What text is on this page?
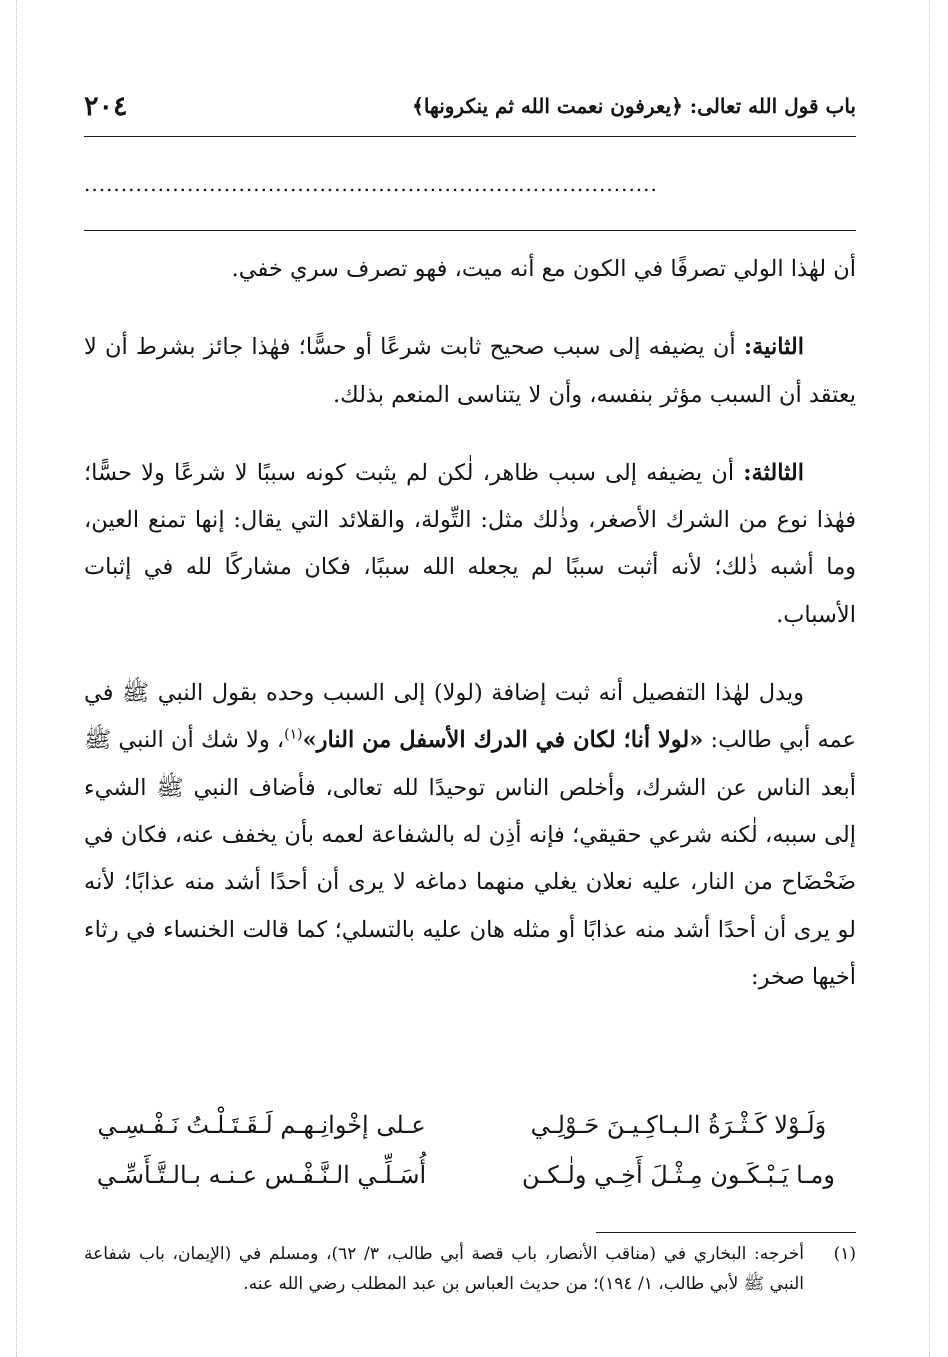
باب قول الله تعالى: ﴿يعرفون نعمت الله ثم ينكرونها﴾
٢٠٤
..............................................................................

أن لهٰذا الولي تصرفًا في الكون مع أنه ميت، فهو تصرف سري خفي.

الثانية: أن يضيفه إلى سبب صحيح ثابت شرعًا أو حسًّا؛ فهٰذا جائز بشرط أن لا يعتقد أن السبب مؤثر بنفسه، وأن لا يتناسى المنعم بذلك.

الثالثة: أن يضيفه إلى سبب ظاهر، لٰكن لم يثبت كونه سببًا لا شرعًا ولا حسًّا؛ فهٰذا نوع من الشرك الأصغر، وذٰلك مثل: التِّولة، والقلائد التي يقال: إنها تمنع العين، وما أشبه ذٰلك؛ لأنه أثبت سببًا لم يجعله الله سببًا، فكان مشاركًا لله في إثبات الأسباب.

ويدل لهٰذا التفصيل أنه ثبت إضافة (لولا) إلى السبب وحده بقول النبي ﷺ في عمه أبي طالب: «لولا أنا؛ لكان في الدرك الأسفل من النار»$^{(١)}$، ولا شك أن النبي ﷺ أبعد الناس عن الشرك، وأخلص الناس توحيدًا لله تعالى، فأضاف النبي ﷺ الشيء إلى سببه، لٰكنه شرعي حقيقي؛ فإنه أذِن له بالشفاعة لعمه بأن يخفف عنه، فكان في ضَحْضَاح من النار، عليه نعلان يغلي منهما دماغه لا يرى أن أحدًا أشد منه عذابًا؛ لأنه لو يرى أن أحدًا أشد منه عذابًا أو مثله هان عليه بالتسلي؛ كما قالت الخنساء في رثاء أخيها صخر:

وَلَـوْلا كَـثْـرَةُ الـبـاكِـيـنَ حَـوْلِـي
عـلى إخْوانِـهـم لَـقَـتَـلْـتُ نَـفْـسِـي
ومـا يَـبْـكَـون مِـثْـلَ أَخِـي ولٰـكـن
أُسَـلِّـي الـنَّـفْـس عـنـه بـالـتَّـأَسِّـي
(١)
أخرجه: البخاري في (مناقب الأنصار، باب قصة أبي طالب، ٣/ ٦٢)، ومسلم في (الإيمان، باب شفاعة النبي ﷺ لأبي طالب، ١/ ١٩٤)؛ من حديث العباس بن عبد المطلب رضي الله عنه.
